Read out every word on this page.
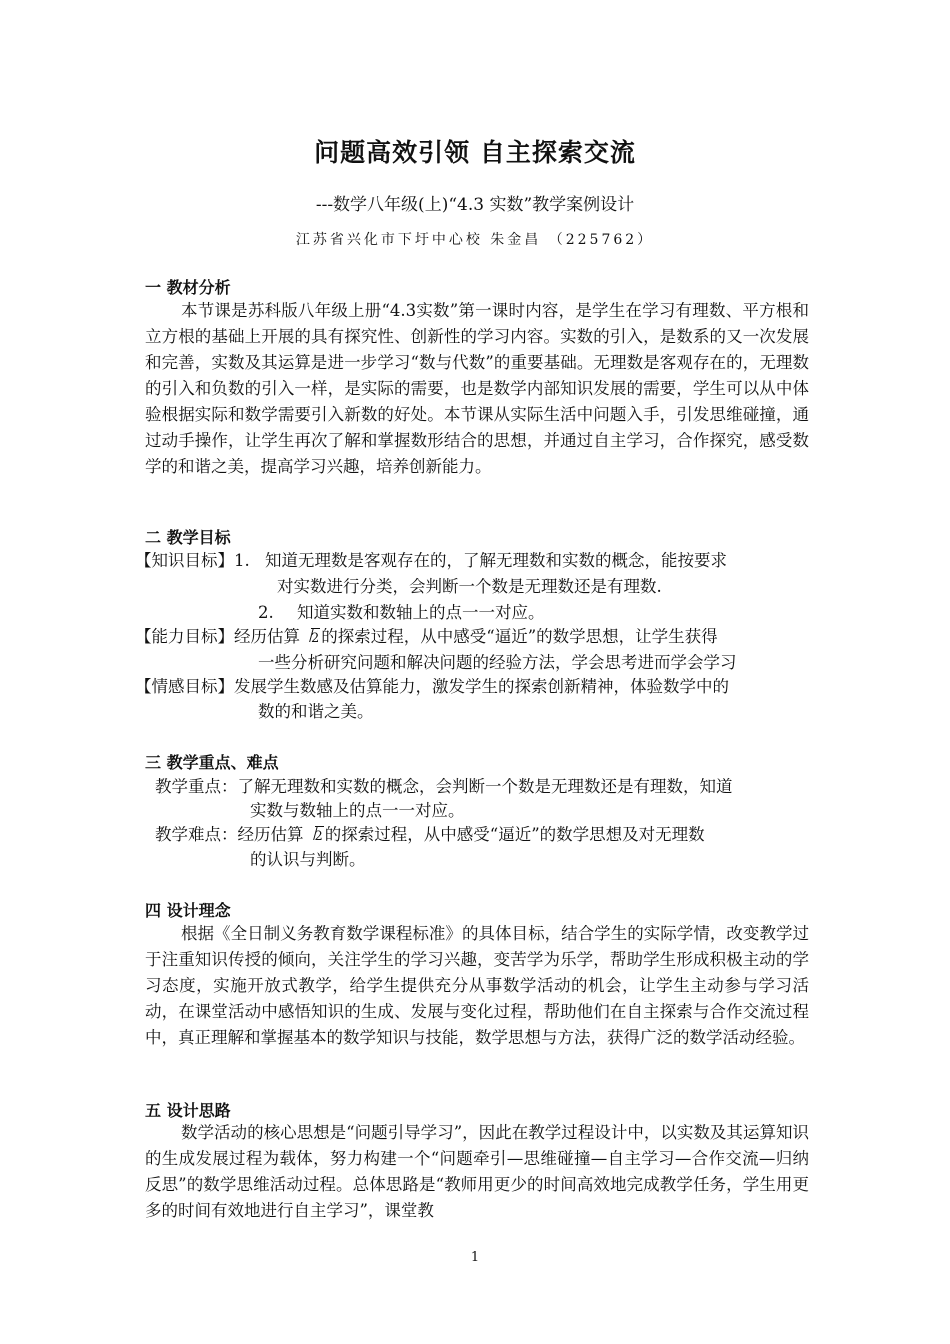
问题高效引领 自主探索交流
---数学八年级(上)“4.3 实数”教学案例设计
江苏省兴化市下圩中心校 朱金昌 （225762）
一 教材分析

本节课是苏科版八年级上册“4.3实数”第一课时内容，是学生在学习有理数、平方根和立方根的基础上开展的具有探究性、创新性的学习内容。实数的引入，是数系的又一次发展和完善，实数及其运算是进一步学习“数与代数”的重要基础。无理数是客观存在的，无理数的引入和负数的引入一样，是实际的需要，也是数学内部知识发展的需要，学生可以从中体验根据实际和数学需要引入新数的好处。本节课从实际生活中问题入手，引发思维碰撞，通过动手操作，让学生再次了解和掌握数形结合的思想，并通过自主学习，合作探究，感受数学的和谐之美，提高学习兴趣，培养创新能力。

二 教学目标
【知识目标】1. 知道无理数是客观存在的，了解无理数和实数的概念，能按要求
对实数进行分类，会判断一个数是无理数还是有理数.
2. 知道实数和数轴上的点一一对应。
【能力目标】经历估算 2 的探索过程，从中感受“逼近”的数学思想，让学生获得
一些分析研究问题和解决问题的经验方法，学会思考进而学会学习
【情感目标】发展学生数感及估算能力，激发学生的探索创新精神，体验数学中的
数的和谐之美。
三 教学重点、难点
教学重点：了解无理数和实数的概念，会判断一个数是无理数还是有理数，知道
实数与数轴上的点一一对应。
教学难点：经历估算 2 的探索过程，从中感受“逼近”的数学思想及对无理数
的认识与判断。
四 设计理念

根据《全日制义务教育数学课程标准》的具体目标，结合学生的实际学情，改变教学过于注重知识传授的倾向，关注学生的学习兴趣，变苦学为乐学，帮助学生形成积极主动的学习态度，实施开放式教学，给学生提供充分从事数学活动的机会，让学生主动参与学习活动，在课堂活动中感悟知识的生成、发展与变化过程，帮助他们在自主探索与合作交流过程中，真正理解和掌握基本的数学知识与技能，数学思想与方法，获得广泛的数学活动经验。

五 设计思路

数学活动的核心思想是“问题引导学习”，因此在教学过程设计中，以实数及其运算知识的生成发展过程为载体，努力构建一个“问题牵引—思维碰撞—自主学习—合作交流—归纳反思”的数学思维活动过程。总体思路是“教师用更少的时间高效地完成教学任务，学生用更多的时间有效地进行自主学习”，课堂教

1
